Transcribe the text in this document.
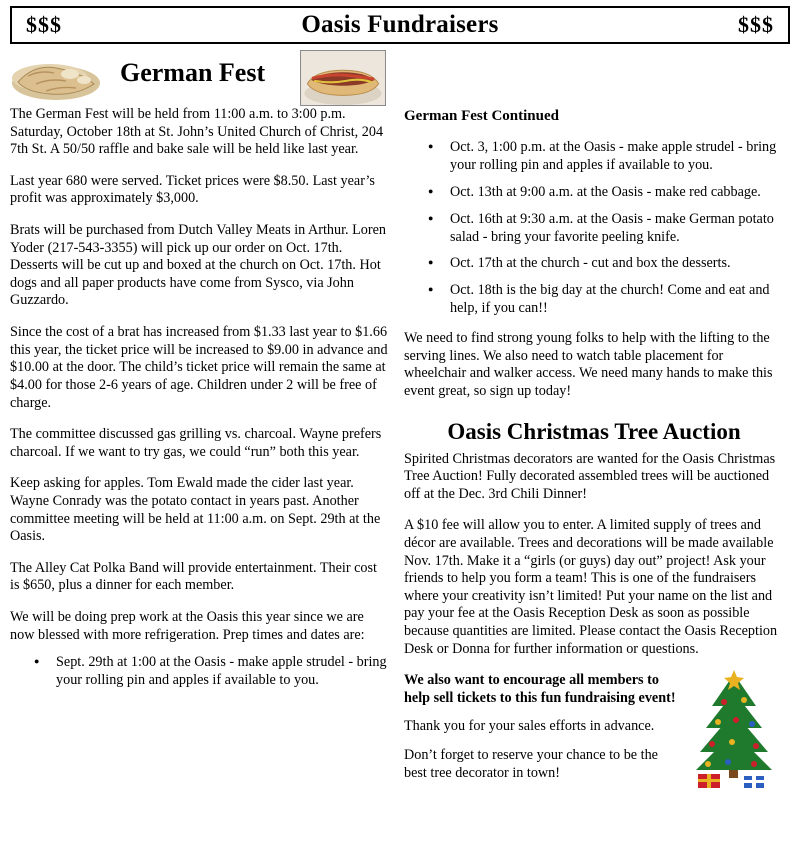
$$$	Oasis Fundraisers	$$$
German Fest

The German Fest will be held from 11:00 a.m. to 3:00 p.m. Saturday, October 18th at St. John’s United Church of Christ, 204 7th St. A 50/50 raffle and bake sale will be held like last year.

Last year 680 were served. Ticket prices were $8.50. Last year’s profit was approximately $3,000.

Brats will be purchased from Dutch Valley Meats in Arthur. Loren Yoder (217-543-3355) will pick up our order on Oct. 17th. Desserts will be cut up and boxed at the church on Oct. 17th. Hot dogs and all paper products have come from Sysco, via John Guzzardo.

Since the cost of a brat has increased from $1.33 last year to $1.66 this year, the ticket price will be increased to $9.00 in advance and $10.00 at the door. The child’s ticket price will remain the same at $4.00 for those 2-6 years of age. Children under 2 will be free of charge.

The committee discussed gas grilling vs. charcoal. Wayne prefers charcoal. If we want to try gas, we could “run” both this year.

Keep asking for apples. Tom Ewald made the cider last year. Wayne Conrady was the potato contact in years past. Another committee meeting will be held at 11:00 a.m. on Sept. 29th at the Oasis.

The Alley Cat Polka Band will provide entertainment. Their cost is $650, plus a dinner for each member.

We will be doing prep work at the Oasis this year since we are now blessed with more refrigeration. Prep times and dates are:

● Sept. 29th at 1:00 at the Oasis - make apple strudel - bring your rolling pin and apples if available to you.
German Fest Continued
● Oct. 3, 1:00 p.m. at the Oasis - make apple strudel - bring your rolling pin and apples if available to you.
● Oct. 13th at 9:00 a.m. at the Oasis - make red cabbage.
● Oct. 16th at 9:30 a.m. at the Oasis - make German potato salad - bring your favorite peeling knife.
● Oct. 17th at the church - cut and box the desserts.
● Oct. 18th is the big day at the church! Come and eat and help, if you can!!

We need to find strong young folks to help with the lifting to the serving lines. We also need to watch table placement for wheelchair and walker access. We need many hands to make this event great, so sign up today!

Oasis Christmas Tree Auction

Spirited Christmas decorators are wanted for the Oasis Christmas Tree Auction! Fully decorated assembled trees will be auctioned off at the Dec. 3rd Chili Dinner!

A $10 fee will allow you to enter. A limited supply of trees and décor are available. Trees and decorations will be made available Nov. 17th. Make it a “girls (or guys) day out” project! Ask your friends to help you form a team! This is one of the fundraisers where your creativity isn’t limited! Put your name on the list and pay your fee at the Oasis Reception Desk as soon as possible because quantities are limited. Please contact the Oasis Reception Desk or Donna for further information or questions.

We also want to encourage all members to help sell tickets to this fun fundraising event!

Thank you for your sales efforts in advance.

Don’t forget to reserve your chance to be the best tree decorator in town!
